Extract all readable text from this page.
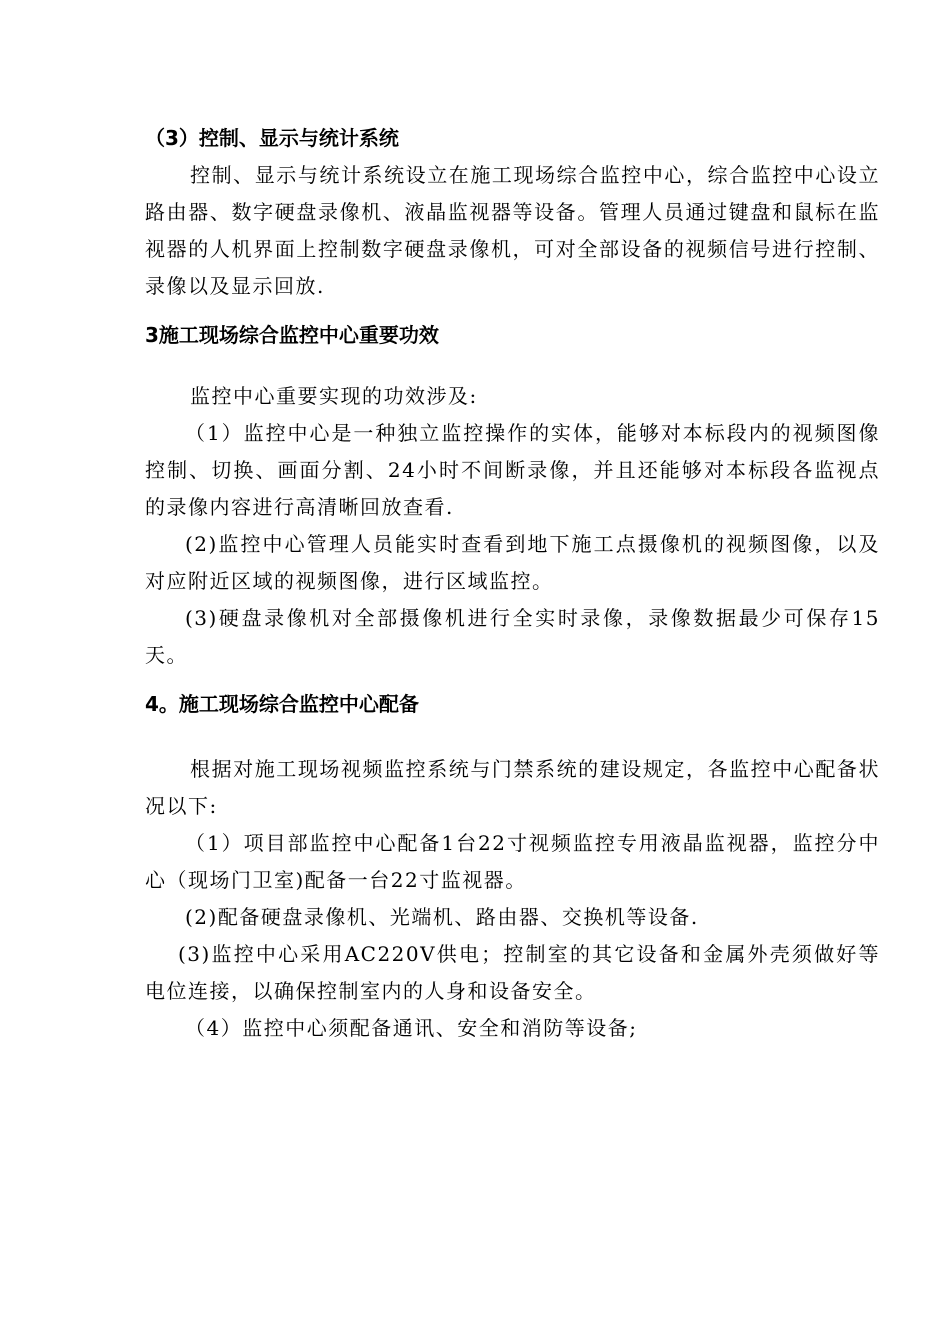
（3）控制、显示与统计系统

控制、显示与统计系统设立在施工现场综合监控中心，综合监控中心设立路由器、数字硬盘录像机、液晶监视器等设备。管理人员通过键盘和鼠标在监视器的人机界面上控制数字硬盘录像机，可对全部设备的视频信号进行控制、录像以及显示回放.

3施工现场综合监控中心重要功效

监控中心重要实现的功效涉及:

（1）监控中心是一种独立监控操作的实体，能够对本标段内的视频图像控制、切换、画面分割、24小时不间断录像，并且还能够对本标段各监视点的录像内容进行高清晰回放查看.

(2)监控中心管理人员能实时查看到地下施工点摄像机的视频图像，以及对应附近区域的视频图像，进行区域监控。

(3)硬盘录像机对全部摄像机进行全实时录像，录像数据最少可保存15天。

4。施工现场综合监控中心配备

根据对施工现场视频监控系统与门禁系统的建设规定，各监控中心配备状况以下:

（1）项目部监控中心配备1台22寸视频监控专用液晶监视器，监控分中心（现场门卫室)配备一台22寸监视器。

(2)配备硬盘录像机、光端机、路由器、交换机等设备.

(3)监控中心采用AC220V供电；控制室的其它设备和金属外壳须做好等电位连接，以确保控制室内的人身和设备安全。

（4）监控中心须配备通讯、安全和消防等设备;
